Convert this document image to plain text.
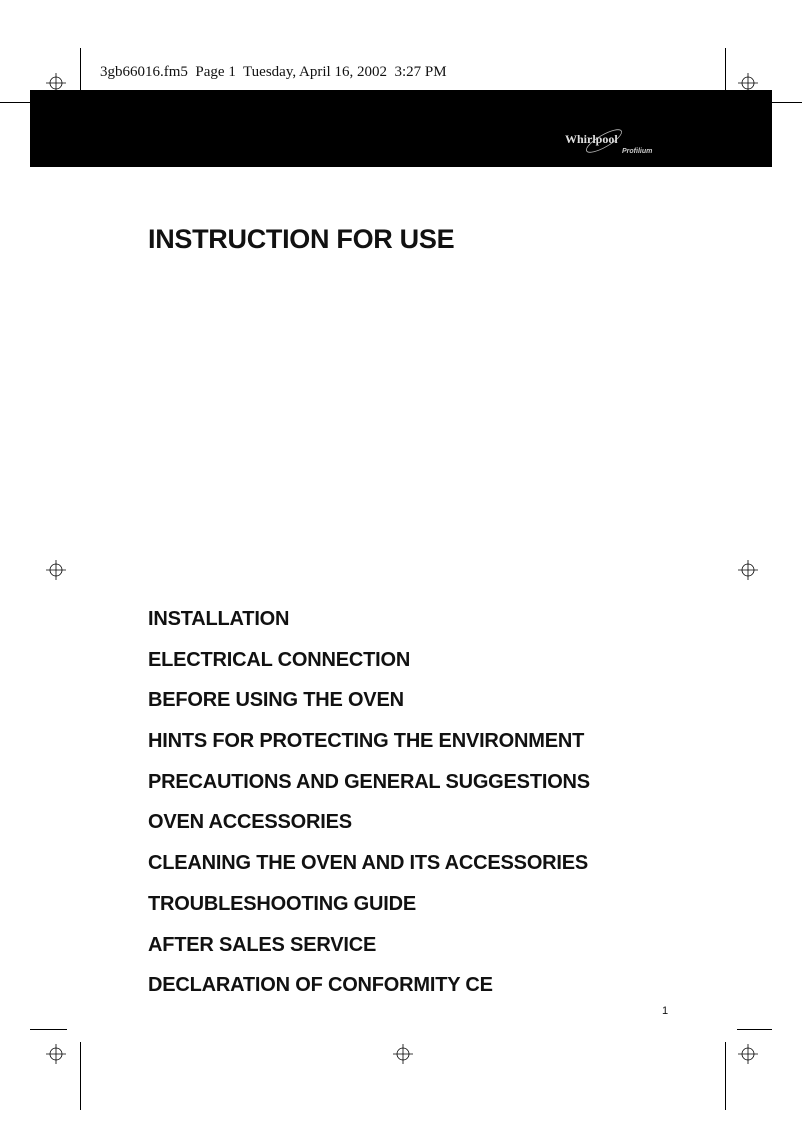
3gb66016.fm5  Page 1  Tuesday, April 16, 2002  3:27 PM
Whirlpool
Profilium
INSTRUCTION FOR USE
INSTALLATION
ELECTRICAL CONNECTION
BEFORE USING THE OVEN
HINTS FOR PROTECTING THE ENVIRONMENT
PRECAUTIONS AND GENERAL SUGGESTIONS
OVEN ACCESSORIES
CLEANING THE OVEN AND ITS ACCESSORIES
TROUBLESHOOTING GUIDE
AFTER SALES SERVICE
DECLARATION OF CONFORMITY CE
1
